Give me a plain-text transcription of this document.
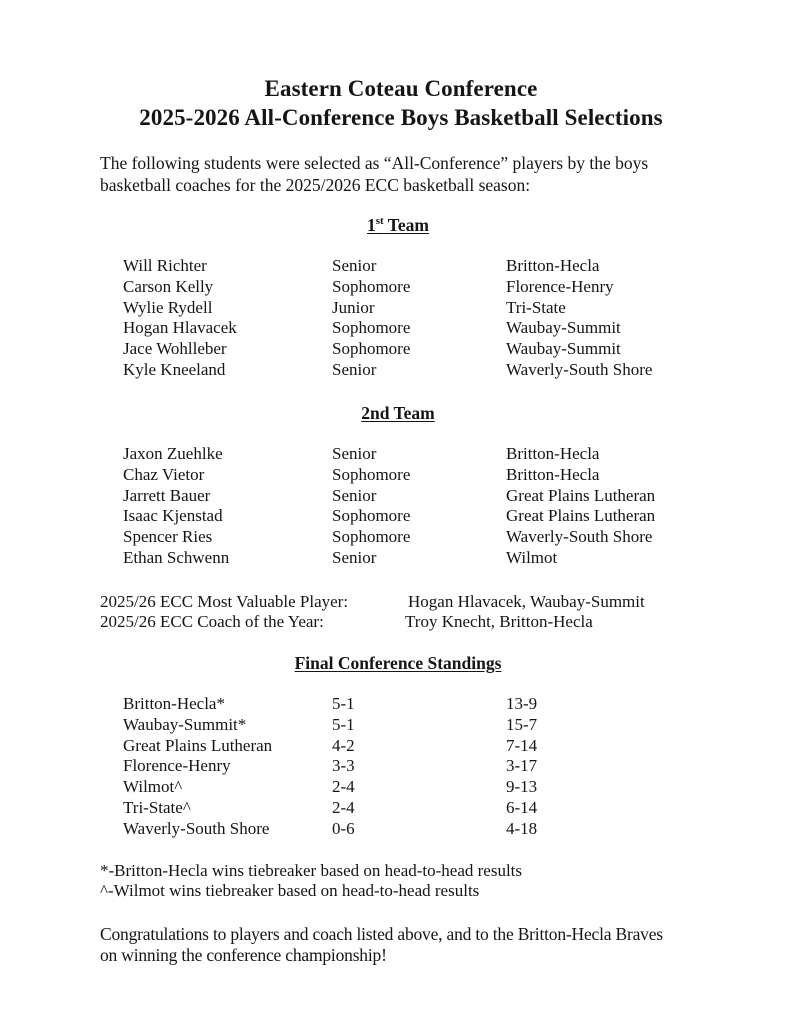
Eastern Coteau Conference
2025-2026 All-Conference Boys Basketball Selections
The following students were selected as “All-Conference” players by the boys
basketball coaches for the 2025/2026 ECC basketball season:
1st Team
Will Richter	Senior	Britton-Hecla
Carson Kelly	Sophomore	Florence-Henry
Wylie Rydell	Junior	Tri-State
Hogan Hlavacek	Sophomore	Waubay-Summit
Jace Wohlleber	Sophomore	Waubay-Summit
Kyle Kneeland	Senior	Waverly-South Shore
2nd Team
Jaxon Zuehlke	Senior	Britton-Hecla
Chaz Vietor	Sophomore	Britton-Hecla
Jarrett Bauer	Senior	Great Plains Lutheran
Isaac Kjenstad	Sophomore	Great Plains Lutheran
Spencer Ries	Sophomore	Waverly-South Shore
Ethan Schwenn	Senior	Wilmot
2025/26 ECC Most Valuable Player:	Hogan Hlavacek, Waubay-Summit
2025/26 ECC Coach of the Year:	Troy Knecht, Britton-Hecla
Final Conference Standings
Britton-Hecla*	5-1	13-9
Waubay-Summit*	5-1	15-7
Great Plains Lutheran	4-2	7-14
Florence-Henry	3-3	3-17
Wilmot^	2-4	9-13
Tri-State^	2-4	6-14
Waverly-South Shore	0-6	4-18
*-Britton-Hecla wins tiebreaker based on head-to-head results
^-Wilmot wins tiebreaker based on head-to-head results
Congratulations to players and coach listed above, and to the Britton-Hecla Braves
on winning the conference championship!
